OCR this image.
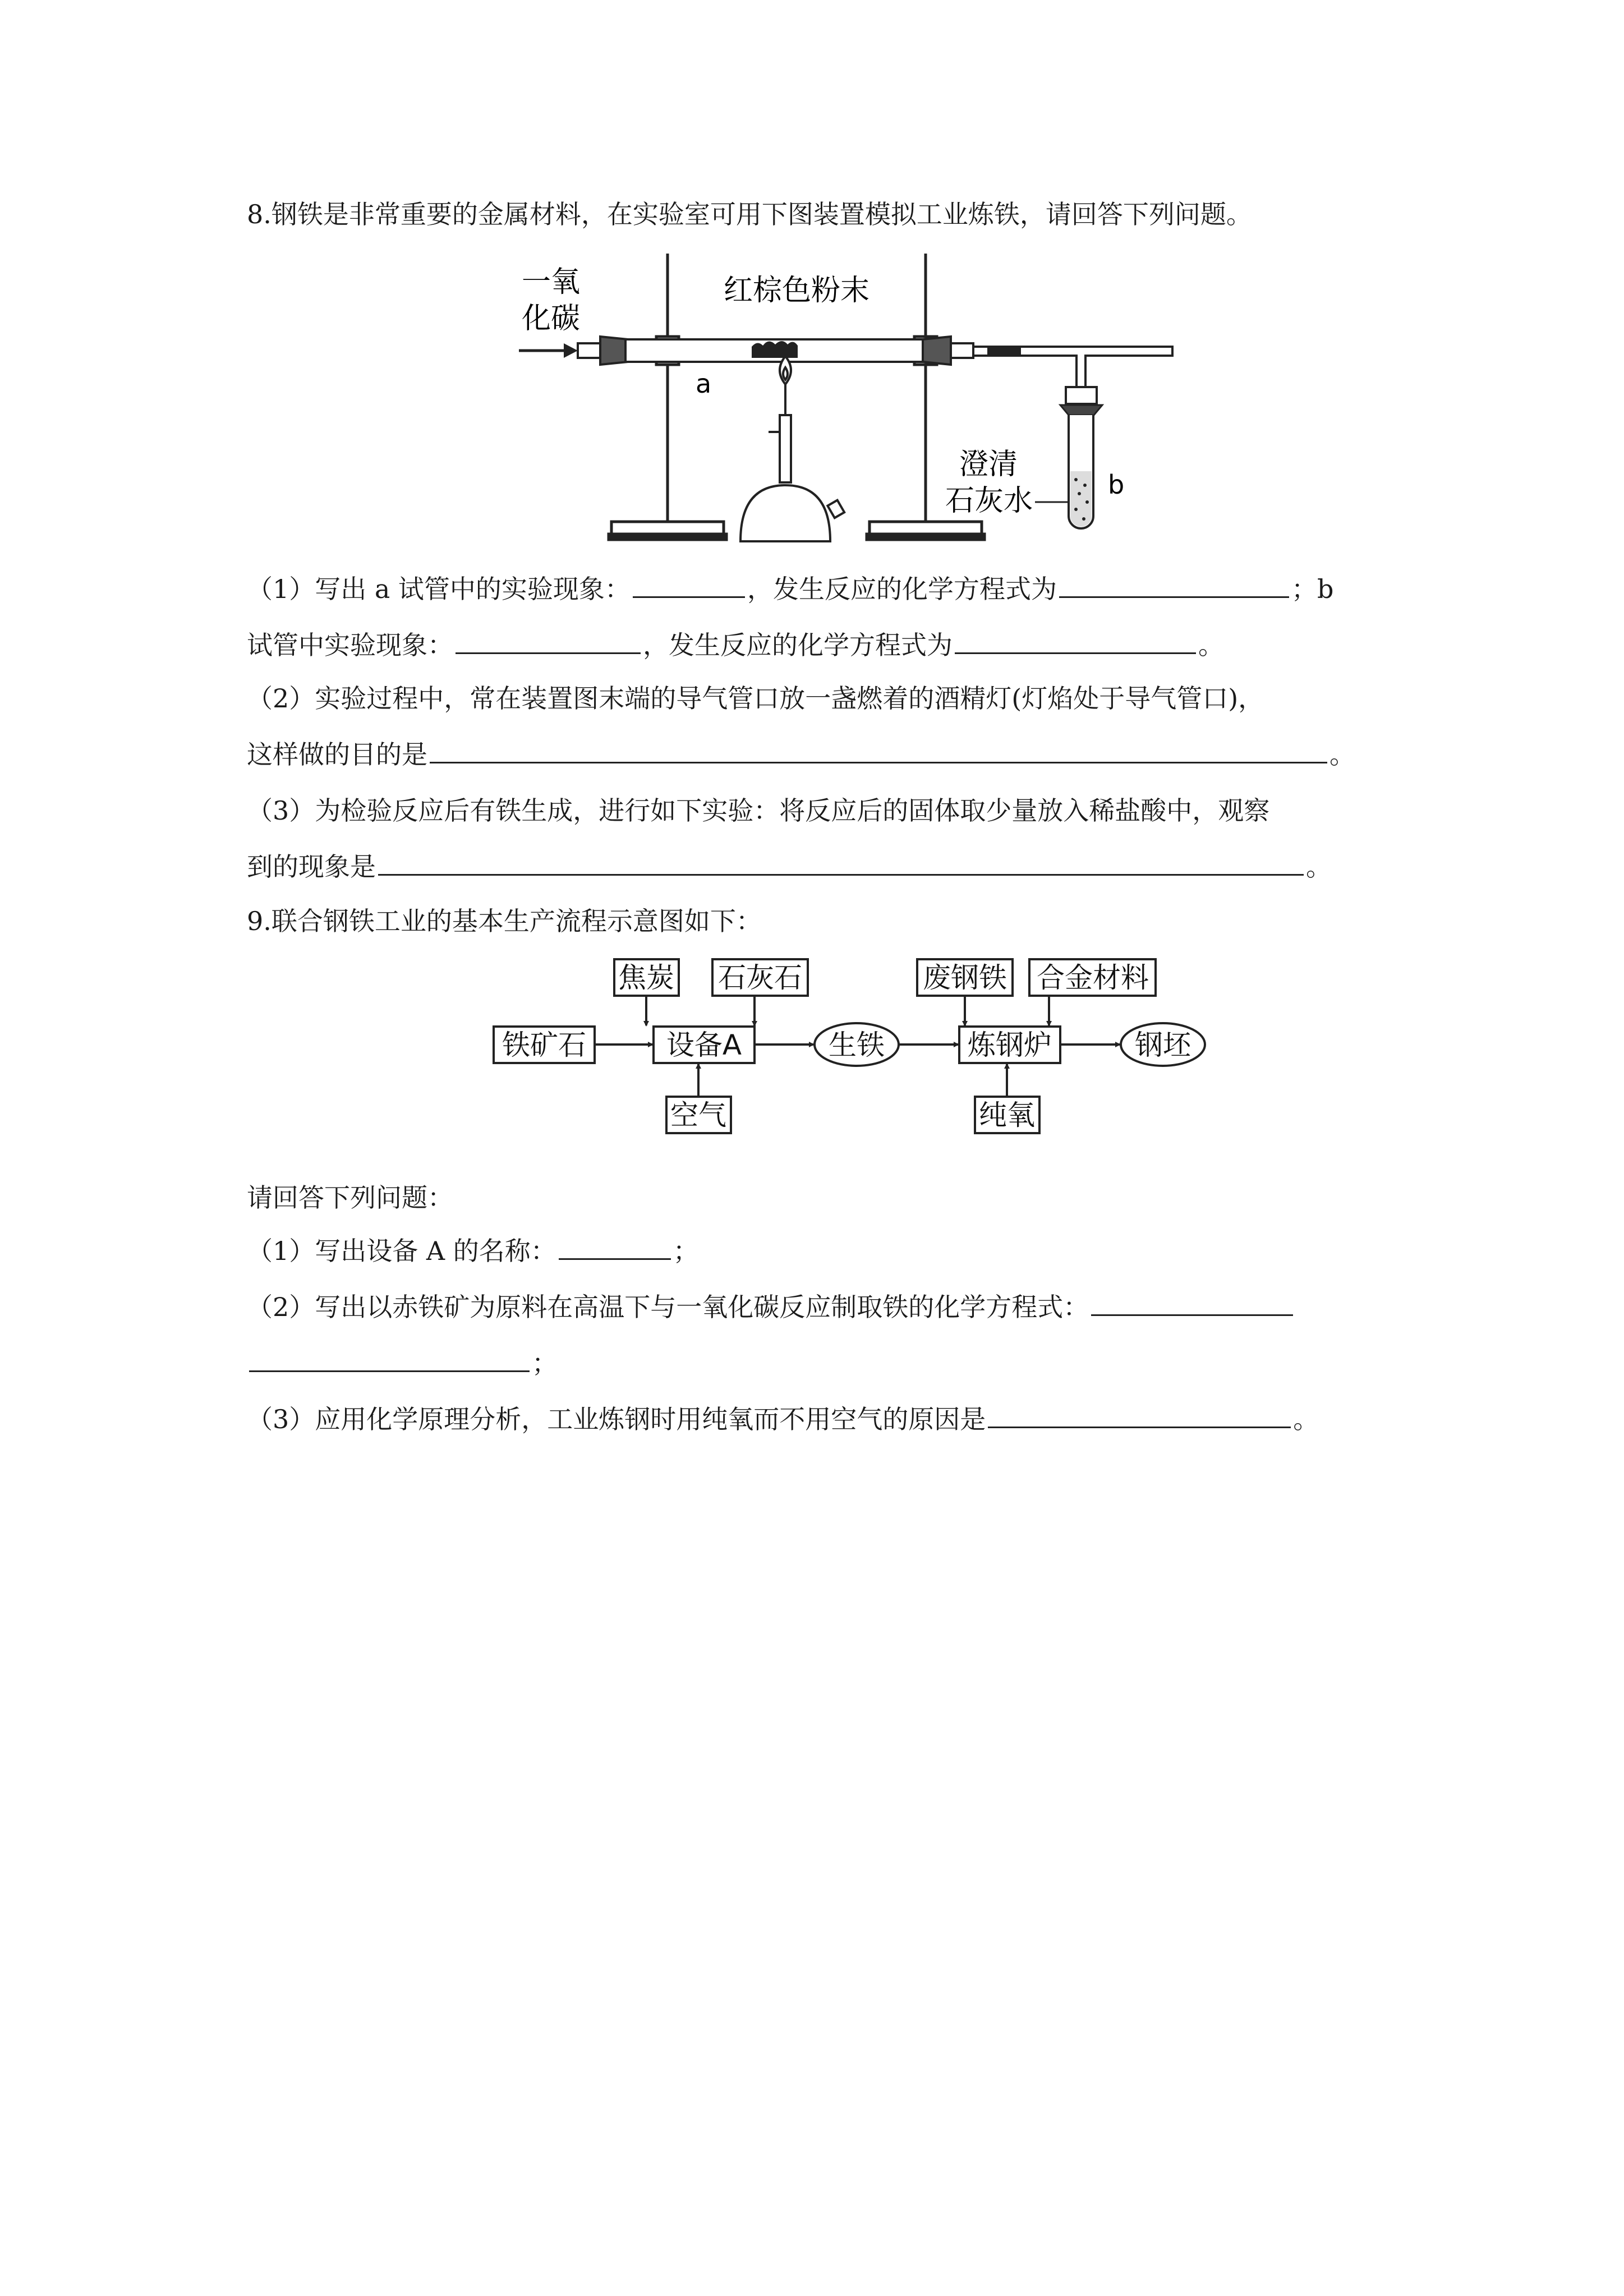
8.钢铁是非常重要的金属材料，在实验室可用下图装置模拟工业炼铁，请回答下列问题。
一氧
化碳
红棕色粉末
a
澄清
石灰水	b
（1）写出 a 试管中的实验现象：	，发生反应的化学方程式为	；b
试管中实验现象：	，发生反应的化学方程式为	。
（2）实验过程中，常在装置图末端的导气管口放一盏燃着的酒精灯(灯焰处于导气管口)，
这样做的目的是	。
（3）为检验反应后有铁生成，进行如下实验：将反应后的固体取少量放入稀盐酸中，观察
到的现象是	。
9.联合钢铁工业的基本生产流程示意图如下：
焦炭 石灰石	废钢铁 合金材料
铁矿石	设备A	生铁	炼钢炉	钢坯
空气	纯氧
请回答下列问题：
（1）写出设备 A 的名称：	；
（2）写出以赤铁矿为原料在高温下与一氧化碳反应制取铁的化学方程式：
；
（3）应用化学原理分析，工业炼钢时用纯氧而不用空气的原因是	。
